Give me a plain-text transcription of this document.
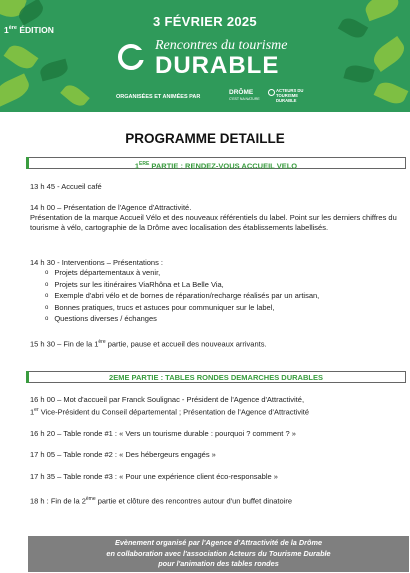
1ère ÉDITION
3 FÉVRIER 2025
Rencontres du tourisme
DURABLE
ORGANISÉES ET ANIMÉES PAR
DRÔME
C'EST NA NATURE
ACTEURS DU
TOURISME
DURABLE
PROGRAMME DETAILLE
1ERE PARTIE : RENDEZ-VOUS ACCUEIL VELO
13 h 45 - Accueil café
14 h 00 – Présentation de l'Agence d'Attractivité.
Présentation de la marque Accueil Vélo et des nouveaux référentiels du label. Point sur les derniers chiffres du tourisme à vélo, cartographie de la Drôme avec localisation des établissements labellisés.
14 h 30 - Interventions – Présentations :
o Projets départementaux à venir,
o Projets sur les itinéraires ViaRhôna et La Belle Via,
o Exemple d'abri vélo et de bornes de réparation/recharge réalisés par un artisan,
o Bonnes pratiques, trucs et astuces pour communiquer sur le label,
o Questions diverses / échanges
15 h 30 – Fin de la 1ère partie, pause et accueil des nouveaux arrivants.
2EME PARTIE : TABLES RONDES DEMARCHES DURABLES
16 h 00 – Mot d'accueil par Franck Soulignac - Président de l'Agence d'Attractivité,
1er Vice-Président du Conseil départemental ; Présentation de l'Agence d'Attractivité
16 h 20 – Table ronde #1 : « Vers un tourisme durable : pourquoi ? comment ? »
17 h 05 – Table ronde #2 : « Des hébergeurs engagés »
17 h 35 – Table ronde #3 : « Pour une expérience client éco-responsable »
18 h : Fin de la 2ème partie et clôture des rencontres autour d'un buffet dinatoire
Evènement organisé par l'Agence d'Attractivité de la Drôme
en collaboration avec l'association Acteurs du Tourisme Durable
pour l'animation des tables rondes
